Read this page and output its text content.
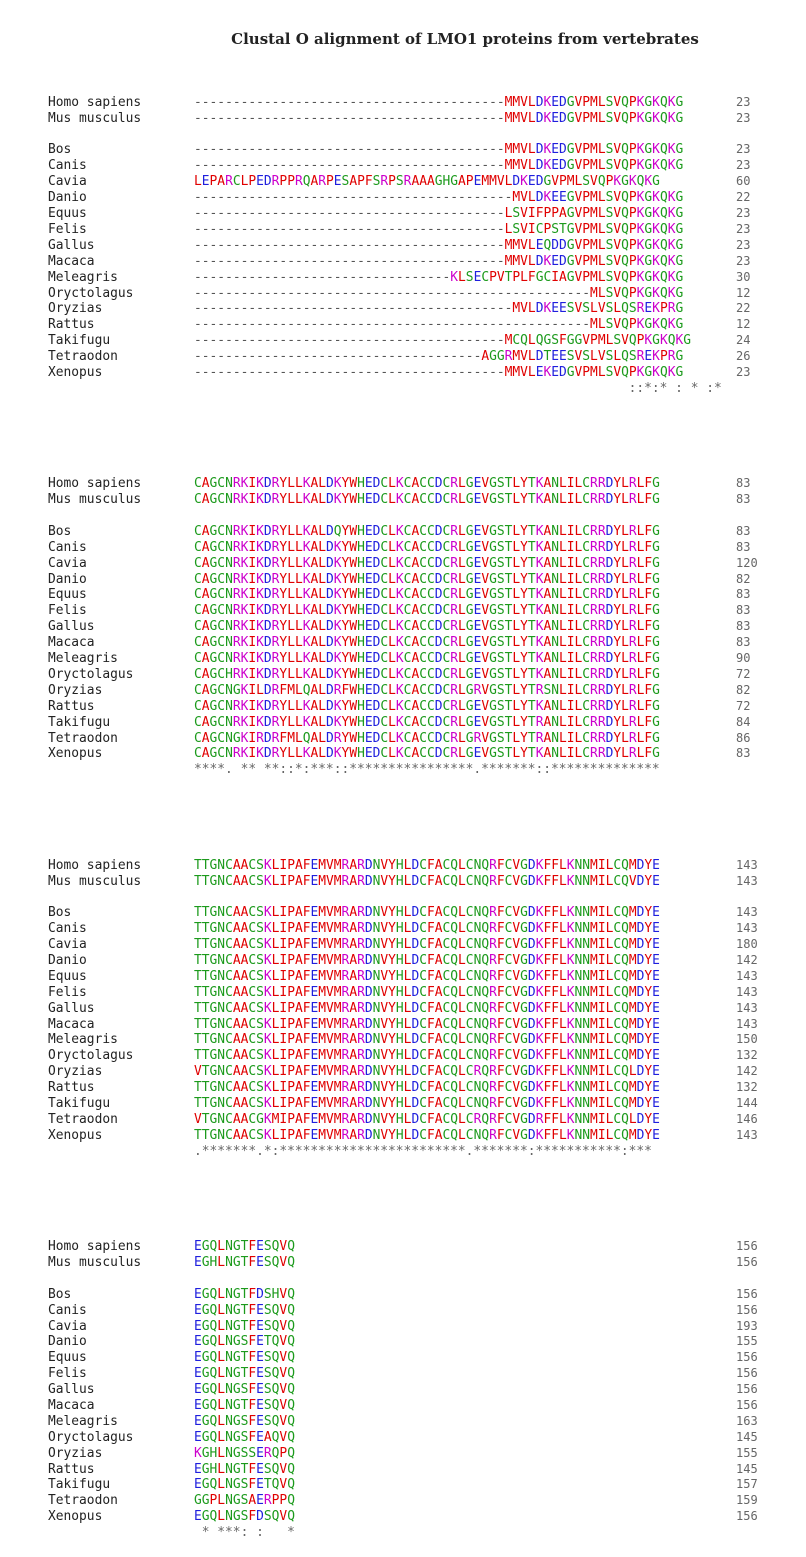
Clustal O alignment of LMO1 proteins from vertebrates

Homo sapiens	----------------------------------------MMVLDKEDGVPMLSVQPKGKQKG	23
Mus musculus	----------------------------------------MMVLDKEDGVPMLSVQPKGKQKG	23
Bos	----------------------------------------MMVLDKEDGVPMLSVQPKGKQKG	23
Canis	----------------------------------------MMVLDKEDGVPMLSVQPKGKQKG	23
Cavia	LEPARCLPEDRPPRQARPESAPFSRPSRAAAGHGAPEMMVLDKEDGVPMLSVQPKGKQKG	60
Danio	-----------------------------------------MVLDKEEGVPMLSVQPKGKQKG	22
Equus	----------------------------------------LSVIFPPAGVPMLSVQPKGKQKG	23
Felis	----------------------------------------LSVICPSTGVPMLSVQPKGKQKG	23
Gallus	----------------------------------------MMVLEQDDGVPMLSVQPKGKQKG	23
Macaca	----------------------------------------MMVLDKEDGVPMLSVQPKGKQKG	23
Meleagris	---------------------------------KLSECPVTPLFGCIAGVPMLSVQPKGKQKG	30
Oryctolagus	---------------------------------------------------MLSVQPKGKQKG	12
Oryzias	-----------------------------------------MVLDKEESVSLVSLQSREKPRG	22
Rattus	---------------------------------------------------MLSVQPKGKQKG	12
Takifugu	----------------------------------------MCQLQGSFGGVPMLSVQPKGKQKG	24
Tetraodon	-------------------------------------AGGRMVLDTEESVSLVSLQSREKPRG	26
Xenopus	----------------------------------------MMVLEKEDGVPMLSVQPKGKQKG	23
::*:* : * :*

Homo sapiens	CAGCNRKIKDRYLLKALDKYWHEDCLKCACCDCRLGEVGSTLYTKANLILCRRDYLRLFG	83
Mus musculus	CAGCNRKIKDRYLLKALDKYWHEDCLKCACCDCRLGEVGSTLYTKANLILCRRDYLRLFG	83
Bos	CAGCNRKIKDRYLLKALDQYWHEDCLKCACCDCRLGEVGSTLYTKANLILCRRDYLRLFG	83
Canis	CAGCNRKIKDRYLLKALDKYWHEDCLKCACCDCRLGEVGSTLYTKANLILCRRDYLRLFG	83
Cavia	CAGCNRKIKDRYLLKALDKYWHEDCLKCACCDCRLGEVGSTLYTKANLILCRRDYLRLFG	120
Danio	CAGCNRKIKDRYLLKALDKYWHEDCLKCACCDCRLGEVGSTLYTKANLILCRRDYLRLFG	82
Equus	CAGCNRKIKDRYLLKALDKYWHEDCLKCACCDCRLGEVGSTLYTKANLILCRRDYLRLFG	83
Felis	CAGCNRKIKDRYLLKALDKYWHEDCLKCACCDCRLGEVGSTLYTKANLILCRRDYLRLFG	83
Gallus	CAGCNRKIKDRYLLKALDKYWHEDCLKCACCDCRLGEVGSTLYTKANLILCRRDYLRLFG	83
Macaca	CAGCNRKIKDRYLLKALDKYWHEDCLKCACCDCRLGEVGSTLYTKANLILCRRDYLRLFG	83
Meleagris	CAGCNRKIKDRYLLKALDKYWHEDCLKCACCDCRLGEVGSTLYTKANLILCRRDYLRLFG	90
Oryctolagus	CAGCHRKIKDRYLLKALDKYWHEDCLKCACCDCRLGEVGSTLYTKANLILCRRDYLRLFG	72
Oryzias	CAGCNGKILDRFMLQALDRFWHEDCLKCACCDCRLGRVGSTLYTRSNLILCRRDYLRLFG	82
Rattus	CAGCNRKIKDRYLLKALDKYWHEDCLKCACCDCRLGEVGSTLYTKANLILCRRDYLRLFG	72
Takifugu	CAGCNRKIKDRYLLKALDKYWHEDCLKCACCDCRLGEVGSTLYTRANLILCRRDYLRLFG	84
Tetraodon	CAGCNGKIRDRFMLQALDRYWHEDCLKCACCDCRLGRVGSTLYTRANLILCRRDYLRLFG	86
Xenopus	CAGCNRKIKDRYLLKALDKYWHEDCLKCACCDCRLGEVGSTLYTKANLILCRRDYLRLFG	83
****. ** **::*:***::****************.*******::**************

Homo sapiens	TTGNCAACSKLIPAFEMVMRARDNVYHLDCFACQLCNQRFCVGDKFFLKNNMILCQMDYE	143
Mus musculus	TTGNCAACSKLIPAFEMVMRARDNVYHLDCFACQLCNQRFCVGDKFFLKNNMILCQVDYE	143
Bos	TTGNCAACSKLIPAFEMVMRARDNVYHLDCFACQLCNQRFCVGDKFFLKNNMILCQMDYE	143
Canis	TTGNCAACSKLIPAFEMVMRARDNVYHLDCFACQLCNQRFCVGDKFFLKNNMILCQMDYE	143
Cavia	TTGNCAACSKLIPAFEMVMRARDNVYHLDCFACQLCNQRFCVGDKFFLKNNMILCQMDYE	180
Danio	TTGNCAACSKLIPAFEMVMRARDNVYHLDCFACQLCNQRFCVGDKFFLKNNMILCQMDYE	142
Equus	TTGNCAACSKLIPAFEMVMRARDNVYHLDCFACQLCNQRFCVGDKFFLKNNMILCQMDYE	143
Felis	TTGNCAACSKLIPAFEMVMRARDNVYHLDCFACQLCNQRFCVGDKFFLKNNMILCQMDYE	143
Gallus	TTGNCAACSKLIPAFEMVMRARDNVYHLDCFACQLCNQRFCVGDKFFLKNNMILCQMDYE	143
Macaca	TTGNCAACSKLIPAFEMVMRARDNVYHLDCFACQLCNQRFCVGDKFFLKNNMILCQMDYE	143
Meleagris	TTGNCAACSKLIPAFEMVMRARDNVYHLDCFACQLCNQRFCVGDKFFLKNNMILCQMDYE	150
Oryctolagus	TTGNCAACSKLIPAFEMVMRARDNVYHLDCFACQLCNQRFCVGDKFFLKNNMILCQMDYE	132
Oryzias	VTGNCAACSKLIPAFEMVMRARDNVYHLDCFACQLCRQRFCVGDKFFLKNNMILCQLDYE	142
Rattus	TTGNCAACSKLIPAFEMVMRARDNVYHLDCFACQLCNQRFCVGDKFFLKNNMILCQMDYE	132
Takifugu	TTGNCAACSKLIPAFEMVMRARDNVYHLDCFACQLCNQRFCVGDKFFLKNNMILCQMDYE	144
Tetraodon	VTGNCAACGKMIPAFEMVMRARDNVYHLDCFACQLCRQRFCVGDRFFLKNNMILCQLDYE	146
Xenopus	TTGNCAACSKLIPAFEMVMRARDNVYHLDCFACQLCNQRFCVGDKFFLKNNMILCQMDYE	143
.*******.*:************************.*******:***********:***

Homo sapiens	EGQLNGTFESQVQ	156
Mus musculus	EGHLNGTFESQVQ	156
Bos	EGQLNGTFDSHVQ	156
Canis	EGQLNGTFESQVQ	156
Cavia	EGQLNGTFESQVQ	193
Danio	EGQLNGSFETQVQ	155
Equus	EGQLNGTFESQVQ	156
Felis	EGQLNGTFESQVQ	156
Gallus	EGQLNGSFESQVQ	156
Macaca	EGQLNGTFESQVQ	156
Meleagris	EGQLNGSFESQVQ	163
Oryctolagus	EGQLNGSFEAQVQ	145
Oryzias	KGHLNGSSERQPQ	155
Rattus	EGHLNGTFESQVQ	145
Takifugu	EGQLNGSFETQVQ	157
Tetraodon	GGPLNGSAERPPQ	159
Xenopus	EGQLNGSFDSQVQ	156
* ***: :   *
